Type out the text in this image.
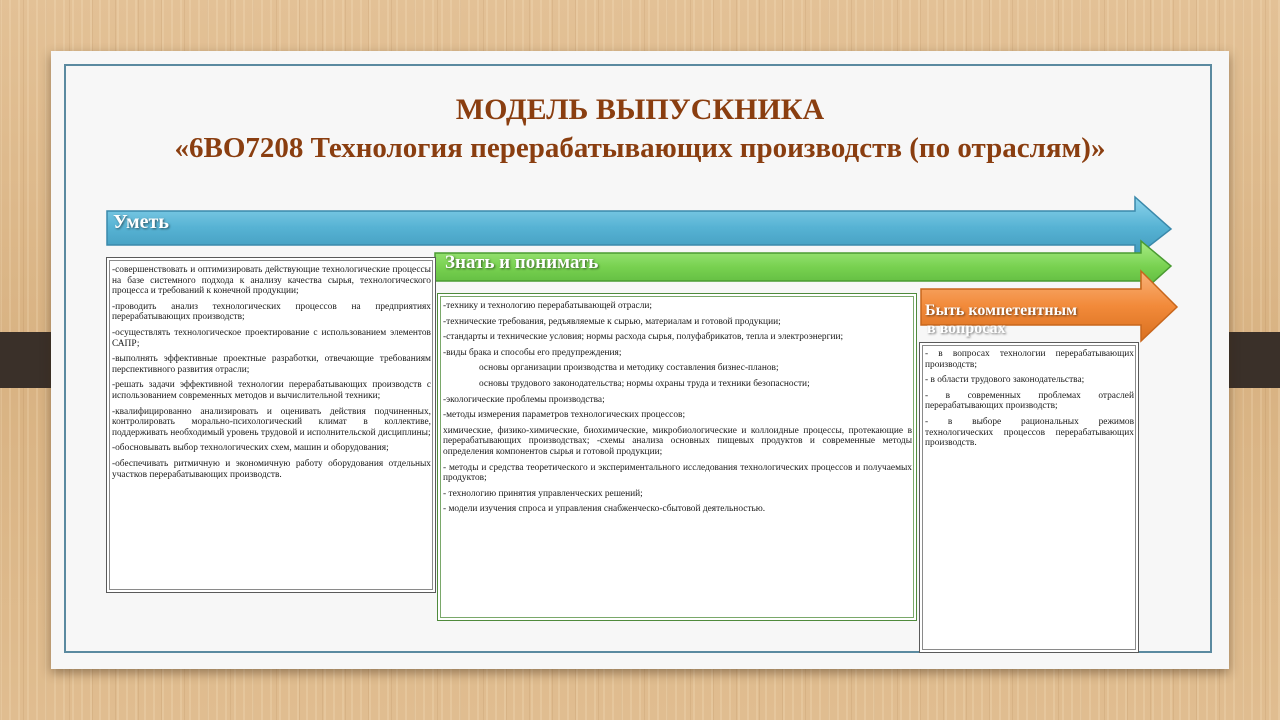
МОДЕЛЬ ВЫПУСКНИКА
«6ВО7208 Технология перерабатывающих производств (по отраслям)»
Уметь
Знать и понимать
Быть компетентным
в вопросах

-совершенствовать и оптимизировать действующие технологические процессы на базе системного подхода к анализу качества сырья, технологического процесса и требований к конечной продукции;

-проводить анализ технологических процессов на предприятиях перерабатывающих производств;

-осуществлять технологическое проектирование с использованием элементов САПР;

-выполнять эффективные проектные разработки, отвечающие требованиям перспективного развития отрасли;

-решать задачи эффективной технологии перерабатывающих производств с использованием современных методов и вычислительной техники;

-квалифицированно анализировать и оценивать действия подчиненных, контролировать морально-психологический климат в коллективе, поддерживать необходимый уровень трудовой и исполнительской дисциплины;

-обосновывать выбор технологических схем, машин и оборудования;

-обеспечивать ритмичную и экономичную работу оборудования отдельных участков перерабатывающих производств.

-технику и технологию перерабатывающей отрасли;

-технические требования, редъявляемые к сырью, материалам и готовой продукции;

-стандарты и технические условия; нормы расхода сырья, полуфабрикатов, тепла и электроэнергии;

-виды брака и способы его предупреждения;

основы организации производства и методику составления бизнес-планов;

основы трудового законодательства; нормы охраны труда и техники безопасности;

-экологические проблемы производства;

-методы измерения параметров технологических процессов;

химические, физико-химические, биохимические, микробиологические и коллоидные процессы, протекающие в перерабатывающих производствах; -схемы анализа основных пищевых продуктов и современные методы определения компонентов сырья и готовой продукции;

- методы и средства теоретического и экспериментального исследования технологических процессов и получаемых продуктов;

- технологию принятия управленческих решений;

- модели изучения спроса и управления снабженческо-сбытовой деятельностью.

- в вопросах технологии перерабатывающих производств;

- в области трудового законодательства;

- в современных проблемах отраслей перерабатывающих производств;

- в выборе рациональных режимов технологических процессов перерабатывающих производств.
